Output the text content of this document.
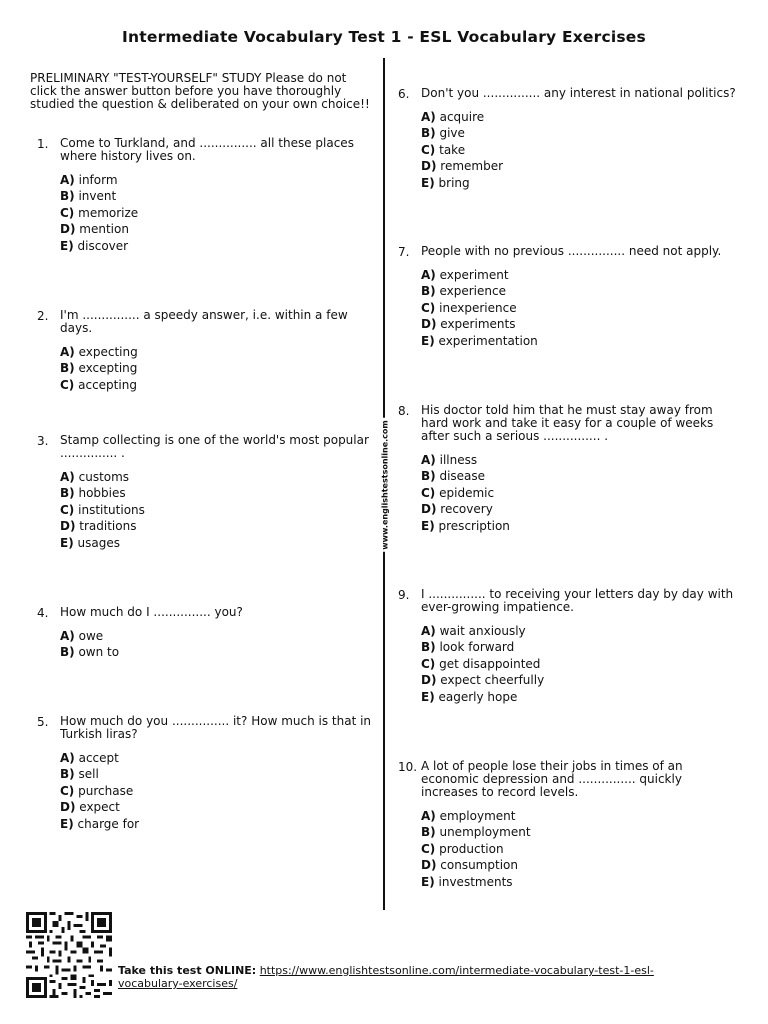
Intermediate Vocabulary Test 1 - ESL Vocabulary Exercises
www.englishtestsonline.com
PRELIMINARY "TEST-YOURSELF" STUDY Please do not click the answer button before you have thoroughly studied the question & deliberated on your own choice!!
1. Come to Turkland, and ............... all these places where history lives on.
A) inform
B) invent
C) memorize
D) mention
E) discover
2. I'm ............... a speedy answer, i.e. within a few days.
A) expecting
B) excepting
C) accepting
3. Stamp collecting is one of the world's most popular ............... .
A) customs
B) hobbies
C) institutions
D) traditions
E) usages
4. How much do I ............... you?
A) owe
B) own to
5. How much do you ............... it? How much is that in Turkish liras?
A) accept
B) sell
C) purchase
D) expect
E) charge for
6. Don't you ............... any interest in national politics?
A) acquire
B) give
C) take
D) remember
E) bring
7. People with no previous ............... need not apply.
A) experiment
B) experience
C) inexperience
D) experiments
E) experimentation
8. His doctor told him that he must stay away from hard work and take it easy for a couple of weeks after such a serious ............... .
A) illness
B) disease
C) epidemic
D) recovery
E) prescription
9. I ............... to receiving your letters day by day with ever-growing impatience.
A) wait anxiously
B) look forward
C) get disappointed
D) expect cheerfully
E) eagerly hope
10. A lot of people lose their jobs in times of an economic depression and ............... quickly increases to record levels.
A) employment
B) unemployment
C) production
D) consumption
E) investments
Take this test ONLINE: https://www.englishtestsonline.com/intermediate-vocabulary-test-1-esl-vocabulary-exercises/
